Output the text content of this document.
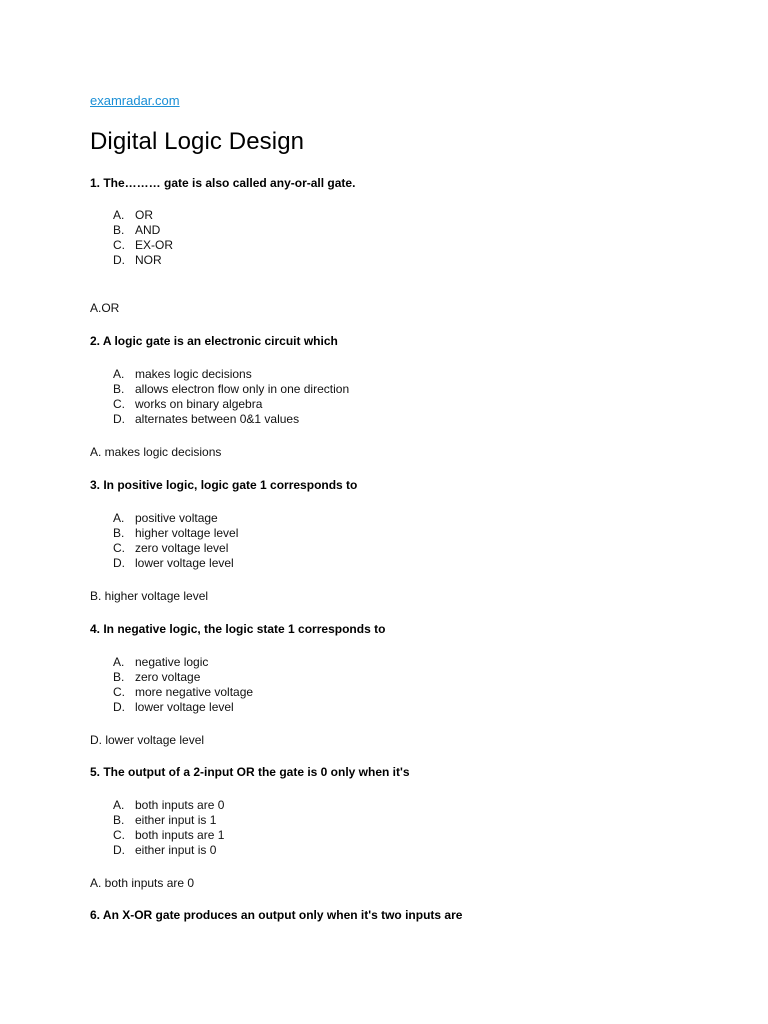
examradar.com
Digital Logic Design
1. The……… gate is also called any-or-all gate.
A. OR
B. AND
C. EX-OR
D. NOR
A.OR
2. A logic gate is an electronic circuit which
A. makes logic decisions
B. allows electron flow only in one direction
C. works on binary algebra
D. alternates between 0&1 values
A. makes logic decisions
3. In positive logic, logic gate 1 corresponds to
A. positive voltage
B. higher voltage level
C. zero voltage level
D. lower voltage level
B. higher voltage level
4. In negative logic, the logic state 1 corresponds to
A. negative logic
B. zero voltage
C. more negative voltage
D. lower voltage level
D. lower voltage level
5. The output of a 2-input OR the gate is 0 only when it's
A. both inputs are 0
B. either input is 1
C. both inputs are 1
D. either input is 0
A. both inputs are 0
6. An X-OR gate produces an output only when it's two inputs are
